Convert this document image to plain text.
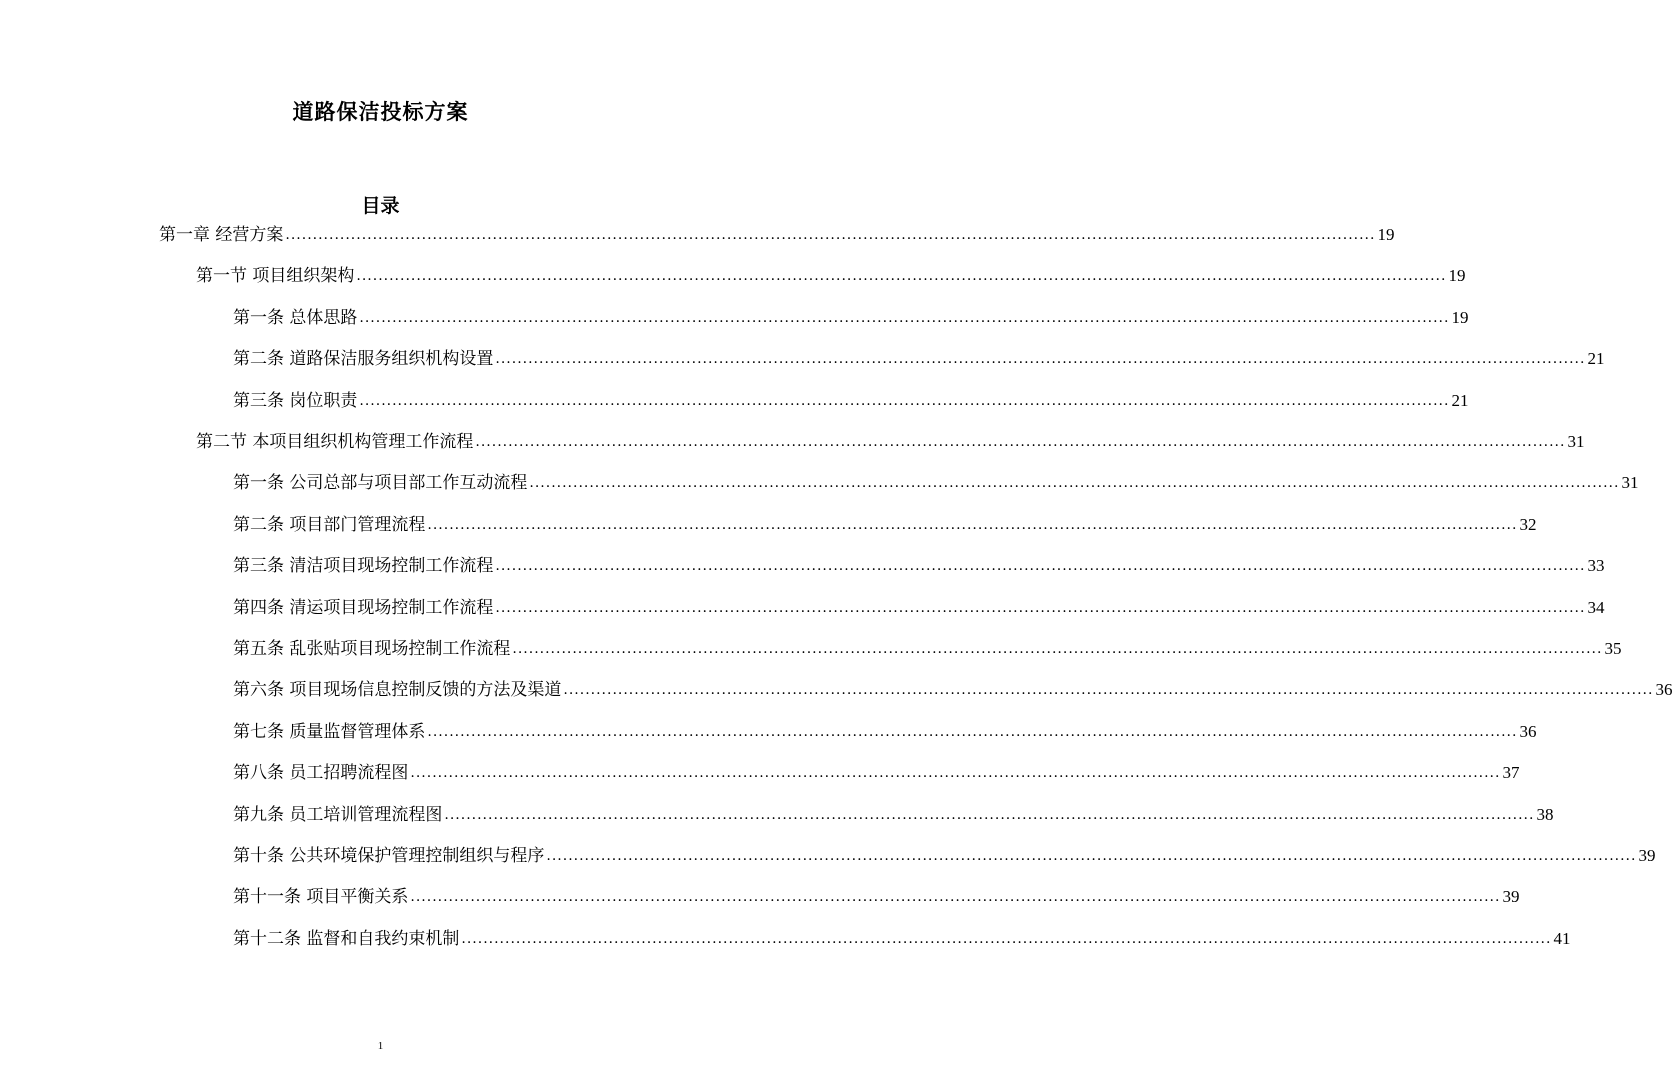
道路保洁投标方案
目录
第一章 经营方案 ........................................................................................................................................................................................................ 19
第一节 项目组织架构 ........................................................................................................................................................................................................ 19
第一条 总体思路 ........................................................................................................................................................................................................ 19
第二条 道路保洁服务组织机构设置 ........................................................................................................................................................................................................ 21
第三条 岗位职责 ........................................................................................................................................................................................................ 21
第二节 本项目组织机构管理工作流程 ........................................................................................................................................................................................................ 31
第一条 公司总部与项目部工作互动流程 ........................................................................................................................................................................................................ 31
第二条 项目部门管理流程 ........................................................................................................................................................................................................ 32
第三条 清洁项目现场控制工作流程 ........................................................................................................................................................................................................ 33
第四条 清运项目现场控制工作流程 ........................................................................................................................................................................................................ 34
第五条 乱张贴项目现场控制工作流程 ........................................................................................................................................................................................................ 35
第六条 项目现场信息控制反馈的方法及渠道 ........................................................................................................................................................................................................ 36
第七条 质量监督管理体系 ........................................................................................................................................................................................................ 36
第八条 员工招聘流程图 ........................................................................................................................................................................................................ 37
第九条 员工培训管理流程图 ........................................................................................................................................................................................................ 38
第十条 公共环境保护管理控制组织与程序 ........................................................................................................................................................................................................ 39
第十一条 项目平衡关系 ........................................................................................................................................................................................................ 39
第十二条 监督和自我约束机制 ........................................................................................................................................................................................................ 41
1
